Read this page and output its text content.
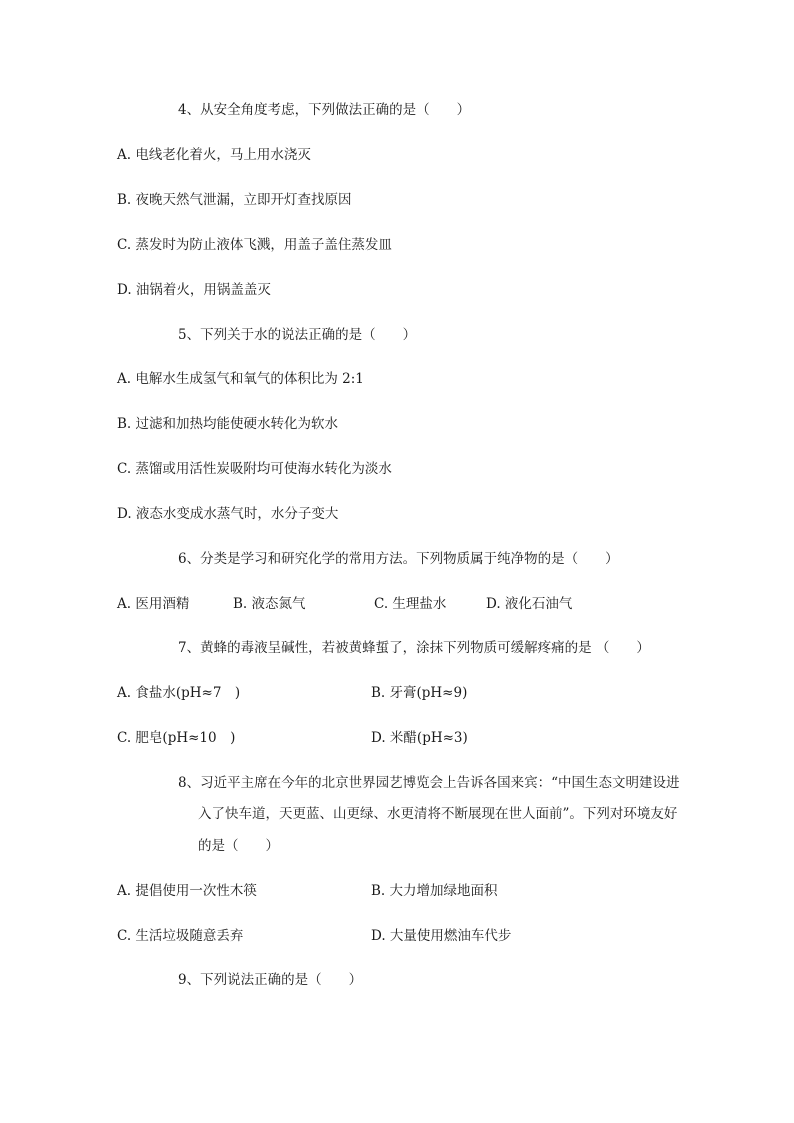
4、从安全角度考虑，下列做法正确的是（　　）
A. 电线老化着火，马上用水浇灭
B. 夜晚天然气泄漏，立即开灯查找原因
C. 蒸发时为防止液体飞溅，用盖子盖住蒸发皿
D. 油锅着火，用锅盖盖灭
5、下列关于水的说法正确的是（　　）
A. 电解水生成氢气和氧气的体积比为 2:1
B. 过滤和加热均能使硬水转化为软水
C. 蒸馏或用活性炭吸附均可使海水转化为淡水
D. 液态水变成水蒸气时，水分子变大
6、分类是学习和研究化学的常用方法。下列物质属于纯净物的是（　　）
A. 医用酒精	B. 液态氮气	C. 生理盐水	D. 液化石油气
7、黄蜂的毒液呈碱性，若被黄蜂蜇了，涂抹下列物质可缓解疼痛的是 （　　）
A. 食盐水(pH≈7　)	B. 牙膏(pH≈9)
C. 肥皂(pH≈10　)	D. 米醋(pH≈3)
8、习近平主席在今年的北京世界园艺博览会上告诉各国来宾：“中国生态文明建设进
入了快车道，天更蓝、山更绿、水更清将不断展现在世人面前”。下列对环境友好
的是（　　）
A. 提倡使用一次性木筷	B. 大力增加绿地面积
C. 生活垃圾随意丢弃	D. 大量使用燃油车代步
9、下列说法正确的是（　　）
